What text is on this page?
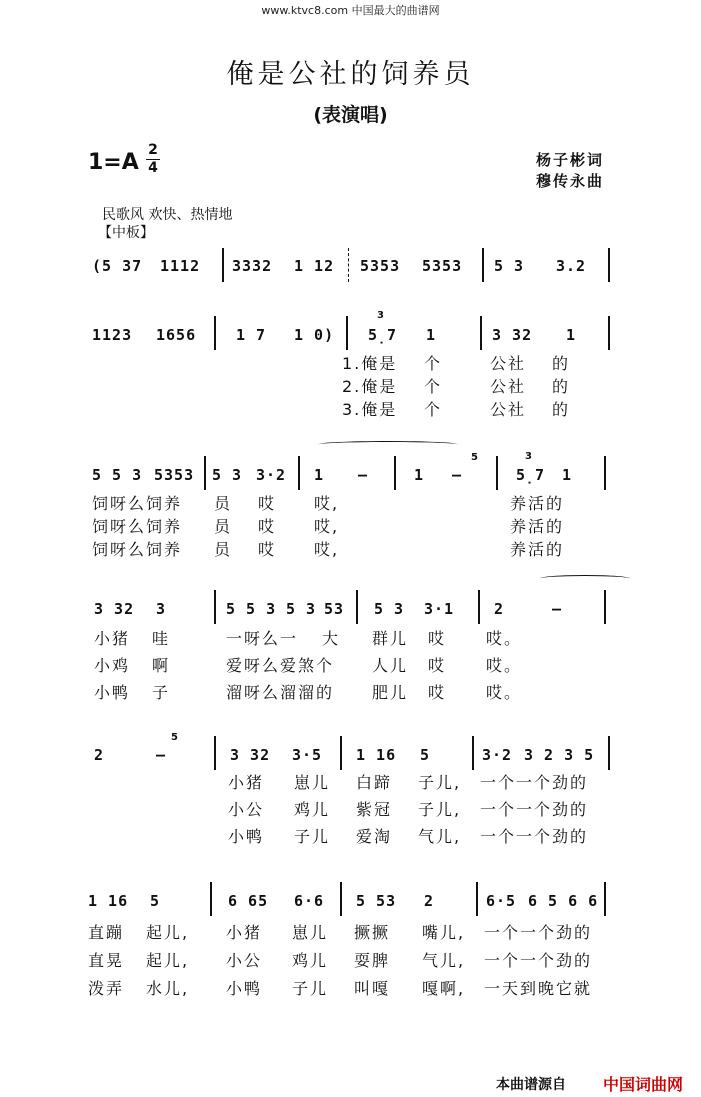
www.ktvc8.com 中国最大的曲谱网
俺是公社的饲养员
(表演唱)
1=A 2
4	杨子彬词
穆传永曲
民歌风 欢快、热情地
【中板】
(5 37 1112 3332 1 12 5353 5353 5 3 3.2
1123 1656	1 7 1 0)
3
5̣7 1	3 32 1
1.俺是 个	公社 的
2.俺是 个	公社 的
3.俺是 个	公社 的
5 5 3 5353 5 3 3·2 1 –	1 –
5	3
5̣7 1
饲呀么饲养 员 哎 哎,	养活的
饲呀么饲养 员 哎 哎,	养活的
饲呀么饲养 员 哎 哎,	养活的
3 32 3	5 5 3 5 3 53 5 3 3·1	2	–
小猪 哇	一呀么一 大 群儿 哎 哎。
小鸡 啊	爱呀么爱煞个 人儿 哎 哎。
小鸭 子	溜呀么溜溜的 肥儿 哎 哎。
2	–
5
3 32 3·5 1 16 5	3·2 3 2 3 5
小猪 崽儿 白蹄 子儿, 一个一个劲的
小公 鸡儿 紫冠 子儿, 一个一个劲的
小鸭 子儿 爱淘 气儿, 一个一个劲的
1 16 5	6 65 6·6 5 53 2	6·5 6 5 6 6
直蹦 起儿, 小猪 崽儿 撅撅 嘴儿, 一个一个劲的
直晃 起儿, 小公 鸡儿 耍脾 气儿, 一个一个劲的
泼弄 水儿, 小鸭 子儿 叫嘎 嘎啊, 一天到晚它就
本曲谱源自 中国词曲网
